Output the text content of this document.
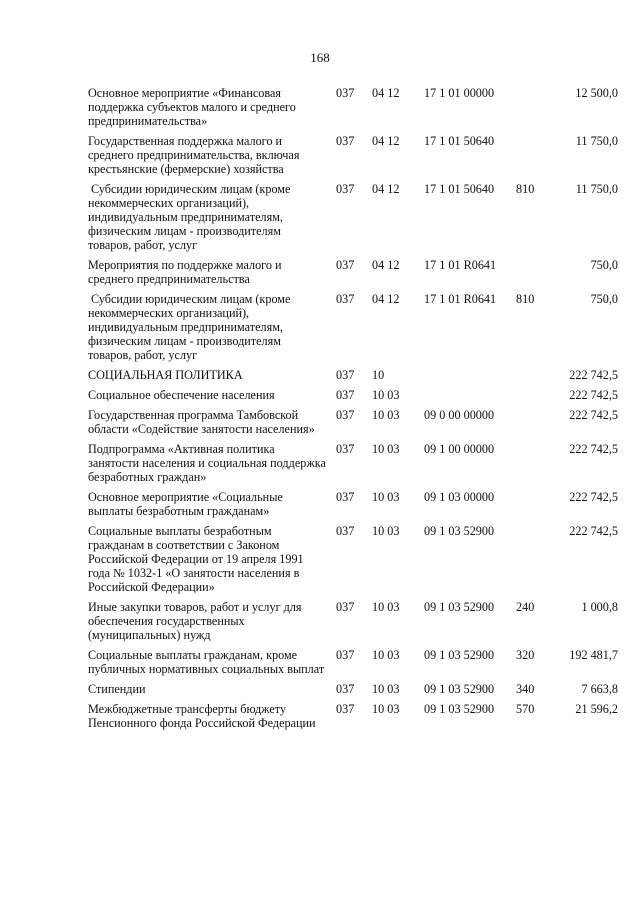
168
Основное мероприятие «Финансовая поддержка субъектов малого и среднего предпринимательства»	037	04 12	17 1 01 00000		12 500,0
Государственная поддержка малого и среднего предпринимательства, включая крестьянские (фермерские) хозяйства	037	04 12	17 1 01 50640		11 750,0
Субсидии юридическим лицам (кроме некоммерческих организаций), индивидуальным предпринимателям, физическим лицам - производителям товаров, работ, услуг	037	04 12	17 1 01 50640	810	11 750,0
Мероприятия по поддержке малого и среднего предпринимательства	037	04 12	17 1 01 R0641		750,0
Субсидии юридическим лицам (кроме некоммерческих организаций), индивидуальным предпринимателям, физическим лицам - производителям товаров, работ, услуг	037	04 12	17 1 01 R0641	810	750,0
СОЦИАЛЬНАЯ ПОЛИТИКА	037	10			222 742,5
Социальное обеспечение населения	037	10 03			222 742,5
Государственная программа Тамбовской области «Содействие занятости населения»	037	10 03	09 0 00 00000		222 742,5
Подпрограмма «Активная политика занятости населения и социальная поддержка безработных граждан»	037	10 03	09 1 00 00000		222 742,5
Основное мероприятие «Социальные выплаты безработным гражданам»	037	10 03	09 1 03 00000		222 742,5
Социальные выплаты безработным гражданам в соответствии с Законом Российской Федерации от 19 апреля 1991 года № 1032-1 «О занятости населения в Российской Федерации»	037	10 03	09 1 03 52900		222 742,5
Иные закупки товаров, работ и услуг для обеспечения государственных (муниципальных) нужд	037	10 03	09 1 03 52900	240	1 000,8
Социальные выплаты гражданам, кроме публичных нормативных социальных выплат	037	10 03	09 1 03 52900	320	192 481,7
Стипендии	037	10 03	09 1 03 52900	340	7 663,8
Межбюджетные трансферты бюджету Пенсионного фонда Российской Федерации	037	10 03	09 1 03 52900	570	21 596,2
